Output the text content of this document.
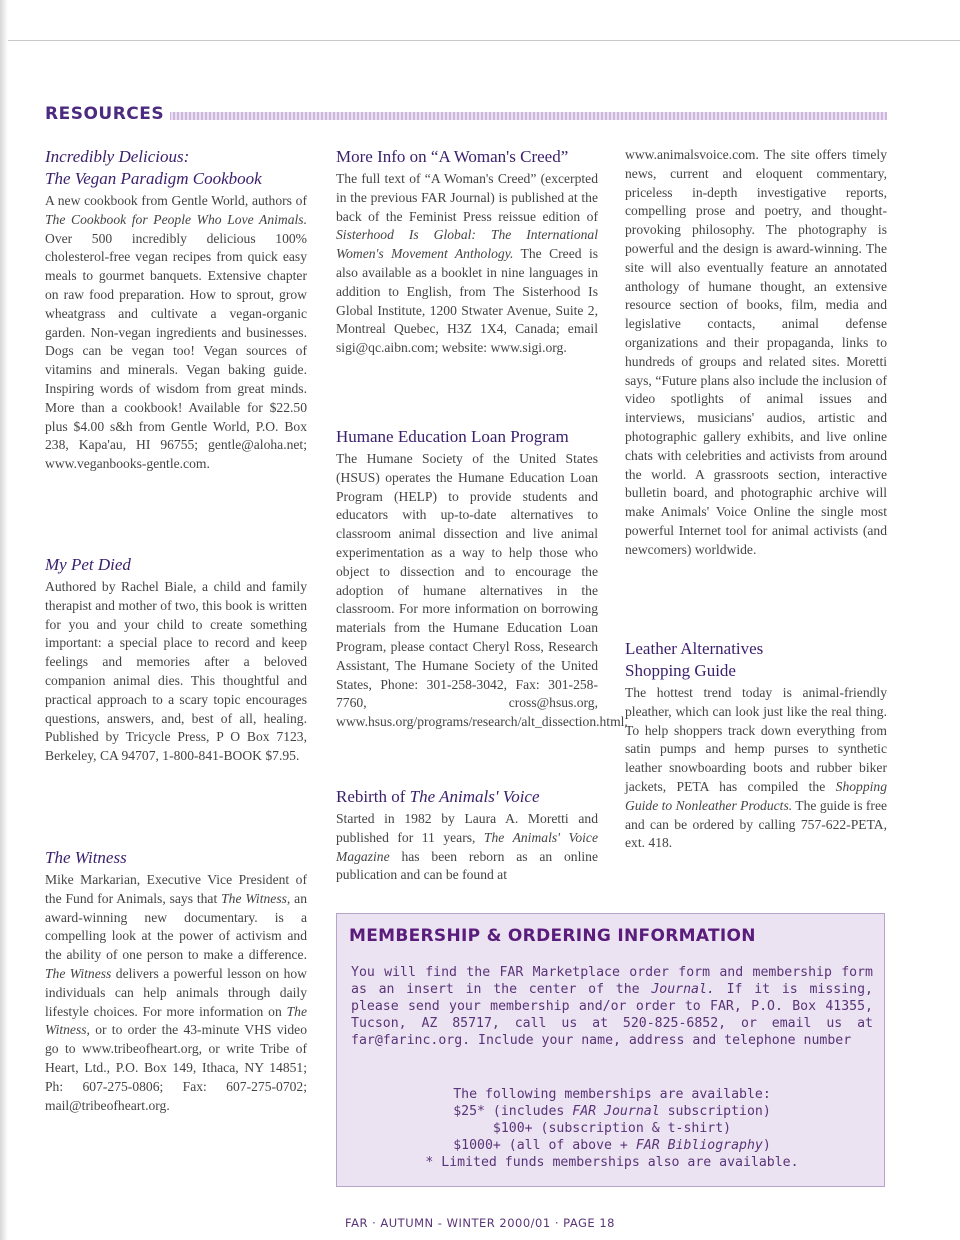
RESOURCES
Incredibly Delicious:
The Vegan Paradigm Cookbook

A new cookbook from Gentle World, authors of The Cookbook for People Who Love Animals. Over 500 incredibly delicious 100% cholesterol-free vegan recipes from quick easy meals to gourmet banquets. Extensive chapter on raw food preparation. How to sprout, grow wheatgrass and cultivate a vegan-organic garden. Non-vegan ingredients and businesses. Dogs can be vegan too! Vegan sources of vitamins and minerals. Vegan baking guide. Inspiring words of wisdom from great minds. More than a cookbook! Available for $22.50 plus $4.00 s&h from Gentle World, P.O. Box 238, Kapa'au, HI 96755; gentle@aloha.net; www.veganbooks-gentle.com.

My Pet Died

Authored by Rachel Biale, a child and family therapist and mother of two, this book is written for you and your child to create something important: a special place to record and keep feelings and memories after a beloved companion animal dies. This thoughtful and practical approach to a scary topic encourages questions, answers, and, best of all, healing. Published by Tricycle Press, P O Box 7123, Berkeley, CA 94707, 1-800-841-BOOK $7.95.

The Witness

Mike Markarian, Executive Vice President of the Fund for Animals, says that The Witness, an award-winning new documentary. is a compelling look at the power of activism and the ability of one person to make a difference. The Witness delivers a powerful lesson on how individuals can help animals through daily lifestyle choices. For more information on The Witness, or to order the 43-minute VHS video go to www.tribeofheart.org, or write Tribe of Heart, Ltd., P.O. Box 149, Ithaca, NY 14851; Ph: 607-275-0806; Fax: 607-275-0702; mail@tribeofheart.org.

More Info on “A Woman's Creed”

The full text of “A Woman's Creed” (excerpted in the previous FAR Journal) is published at the back of the Feminist Press reissue edition of Sisterhood Is Global: The International Women's Movement Anthology. The Creed is also available as a booklet in nine languages in addition to English, from The Sisterhood Is Global Institute, 1200 Stwater Avenue, Suite 2, Montreal Quebec, H3Z 1X4, Canada; email sigi@qc.aibn.com; website: www.sigi.org.

Humane Education Loan Program

The Humane Society of the United States (HSUS) operates the Humane Education Loan Program (HELP) to provide students and educators with up-to-date alternatives to classroom animal dissection and live animal experimentation as a way to help those who object to dissection and to encourage the adoption of humane alternatives in the classroom. For more information on borrowing materials from the Humane Education Loan Program, please contact Cheryl Ross, Research Assistant, The Humane Society of the United States, Phone: 301-258-3042, Fax: 301-258-7760, cross@hsus.org, www.hsus.org/programs/research/alt_dissection.html.

Rebirth of The Animals' Voice

Started in 1982 by Laura A. Moretti and published for 11 years, The Animals' Voice Magazine has been reborn as an online publication and can be found at

www.animalsvoice.com. The site offers timely news, current and eloquent commentary, priceless in-depth investigative reports, compelling prose and poetry, and thought-provoking philosophy. The photography is powerful and the design is award-winning. The site will also eventually feature an annotated anthology of humane thought, an extensive resource section of books, film, media and legislative contacts, animal defense organizations and their propaganda, links to hundreds of groups and related sites. Moretti says, “Future plans also include the inclusion of video spotlights of animal issues and interviews, musicians' audios, artistic and photographic gallery exhibits, and live online chats with celebrities and activists from around the world. A grassroots section, interactive bulletin board, and photographic archive will make Animals' Voice Online the single most powerful Internet tool for animal activists (and newcomers) worldwide.

Leather Alternatives
Shopping Guide

The hottest trend today is animal-friendly pleather, which can look just like the real thing. To help shoppers track down everything from satin pumps and hemp purses to synthetic leather snowboarding boots and rubber biker jackets, PETA has compiled the Shopping Guide to Nonleather Products. The guide is free and can be ordered by calling 757-622-PETA, ext. 418.

MEMBERSHIP & ORDERING INFORMATION
You will find the FAR Marketplace order form and membership form as an insert in the center of the Journal. If it is missing, please send your membership and/or order to FAR, P.O. Box 41355, Tucson, AZ 85717, call us at 520-825-6852, or email us at far@farinc.org. Include your name, address and telephone number
The following memberships are available:
$25* (includes FAR Journal subscription)
$100+ (subscription & t-shirt)
$1000+ (all of above + FAR Bibliography)
* Limited funds memberships also are available.
FAR · AUTUMN - WINTER 2000/01 · PAGE 18
